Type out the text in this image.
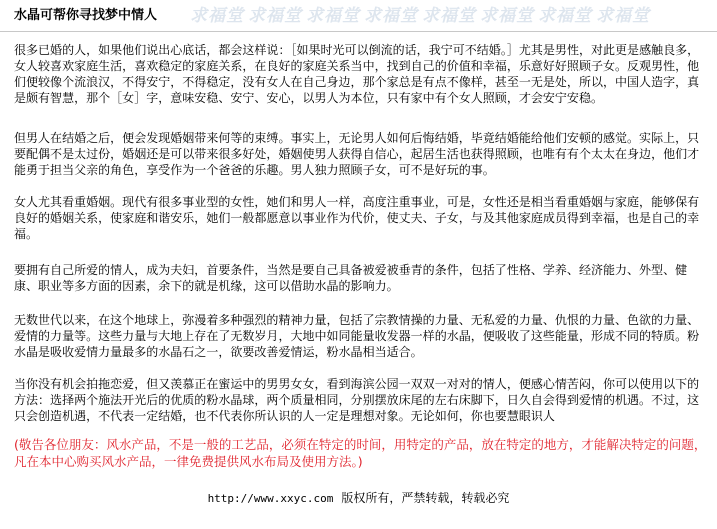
求福堂 求福堂 求福堂 求福堂 求福堂 求福堂 求福堂 求福堂
水晶可帮你寻找梦中情人

很多已婚的人，如果他们说出心底话，都会这样说：［如果时光可以倒流的话，我宁可不结婚。］尤其是男性，对此更是感触良多，女人较喜欢家庭生活，喜欢稳定的家庭关系，在良好的家庭关系当中，找到自己的价值和幸福，乐意好好照顾子女。反观男性，他们便较像个流浪汉，不得安宁，不得稳定，没有女人在自己身边，那个家总是有点不像样，甚至一无是处，所以，中国人造字，真是颇有智慧，那个［女］字，意味安稳、安宁、安心，以男人为本位，只有家中有个女人照顾，才会安宁安稳。

但男人在结婚之后，便会发现婚姻带来何等的束缚。事实上，无论男人如何后悔结婚，毕竟结婚能给他们安顿的感觉。实际上，只要配偶不是太过份，婚姻还是可以带来很多好处，婚姻使男人获得自信心，起居生活也获得照顾，也唯有有个太太在身边，他们才能勇于担当父亲的角色，享受作为一个爸爸的乐趣。男人独力照顾子女，可不是好玩的事。

女人尤其看重婚姻。现代有很多事业型的女性，她们和男人一样，高度注重事业，可是，女性还是相当看重婚姻与家庭，能够保有良好的婚姻关系，使家庭和谐安乐，她们一般都愿意以事业作为代价，使丈夫、子女，与及其他家庭成员得到幸福，也是自己的幸福。

要拥有自己所爱的情人，成为夫妇，首要条件，当然是要自己具备被爱被垂青的条件，包括了性格、学养、经济能力、外型、健康、职业等多方面的因素，余下的就是机缘，这可以借助水晶的影响力。

无数世代以来，在这个地球上，弥漫着多种强烈的精神力量，包括了宗教情操的力量、无私爱的力量、仇恨的力量、色欲的力量、爱情的力量等。这些力量与大地上存在了无数岁月，大地中如同能量收发器一样的水晶，便吸收了这些能量，形成不同的特质。粉水晶是吸收爱情力量最多的水晶石之一，欲要改善爱情运，粉水晶相当适合。

当你没有机会拍拖恋爱，但又羡慕正在蜜运中的男男女女，看到海滨公园一双双一对对的情人，便感心情苦闷，你可以使用以下的方法：选择两个施法开光后的优质的粉水晶球，两个质量相同，分别摆放床尾的左右床脚下，日久自会得到爱情的机遇。不过，这只会创造机遇，不代表一定结婚，也不代表你所认识的人一定是理想对象。无论如何，你也要慧眼识人

(敬告各位朋友：风水产品，不是一般的工艺品，必须在特定的时间，用特定的产品，放在特定的地方，才能解决特定的问题，凡在本中心购买风水产品，一律免费提供风水布局及使用方法。)

http://www.xxyc.com 版权所有，严禁转载，转载必究
